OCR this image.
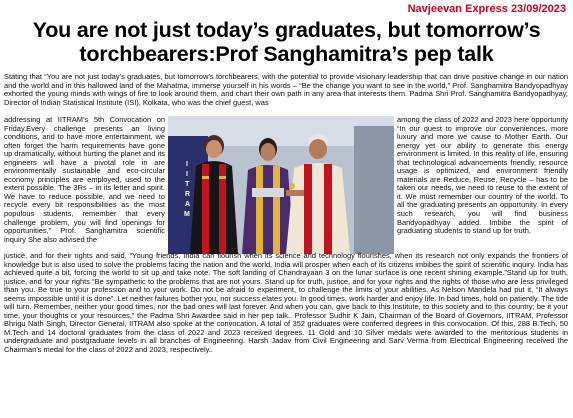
Navjeevan Express 23/09/2023
You are not just today’s graduates, but tomorrow’s
torchbearers:Prof Sanghamitra’s pep talk
Stating that “You are not just today’s graduates, but tomorrow’s torchbearers, with the potential to provide visionary leadership that can drive positive change in our nation and the world and in this hallowed land of the Mahatma, immerse yourself in his words – “Be the change you want to see in the world,” Prof. Sanghamitra Bandyopadhyay exhorted the young minds with wings of fire to look around them, and chart their own path in any area that interests them. Padma Shri Prof. Sanghamitra Bandyopadhyay, Director of Indian Statistical Institute (ISI), Kolkata, who was the chief guest, was
addressing at IITRAM’s 5th Convocation on Friday.Every challenge presents an living conditions, and to have more entertainment, we often forget the harm requirements have gone up dramatically, without hurting the planet and its engineers will have a pivotal role in are environmentally sustainable and eco-circular economy principles are employed, used to the extent possible. The 3Rs – in its letter and spirit. We have to reduce possible, and we need to recycle every bit responsibilities as the most populous students, remember that every challenge problem, you will find openings for opportunities,” Prof. Sanghamitra scientific inquiry She also advised the
I
I
T
R
A
M
among the class of 2022 and 2023 here opportunity “In our quest to improve our conveniences, more luxury and more we cause to Mother Earth. Our energy yet our ability to generate this energy environment is limited. In this reality of life, ensuring that technological advancements friendly, resource usage is optimized, and environment friendly materials are Reduce, Reuse, Recycle – has to be taken our needs, we need to reuse to the extent of it. We must remember our country of the world. To all the graduating presents an opportunity. In every such research, you will find business Bandyopadhyay added. Imbibe the spirit of graduating students to stand up for truth,
justice, and for their rights and said, “Young friends, India can flourish when its science and technology flourishes, when its research not only expands the frontiers of knowledge but is also used to solve the problems facing the nation and the world. India will prosper when each of its citizens imbibes the spirit of scientific inquiry. India has achieved quite a bit, forcing the world to sit up and take note. The soft landing of Chandrayaan 3 on the lunar surface is one recent shining example.”Stand up for truth, justice, and for your rights “Be sympathetic to the problems that are not yours. Stand up for truth, justice, and for your rights and the rights of those who are less privileged than you. Be true to your profession and to your work. Do not be afraid to experiment, to challenge the limits of your abilities. As Nelson Mandela had put it, “It always seems impossible until it is done”. Let neither failures bother you, nor success elates you. In good times, work harder and enjoy life. In bad times, hold on patiently. The tide will turn. Remember, neither your good times, nor the bad ones will last forever. And when you can, give back to this Institute, to this society and to this country; be it your time, your thoughts or your resources,” the Padma Shri Awardee said in her pep talk.. Professor Sudhir K Jain, Chairman of the Board of Governors, IITRAM, Professor Bhrigu Nath Singh, Director General, IITRAM also spoke at the convocation. A total of 352 graduates were conferred degrees in this convocation. Of this, 288 B.Tech, 50 M.Tech and 14 doctoral graduates from the class of 2022 and 2023 received degrees. 11 Gold and 10 Silver medals were awarded to the meritorious students in undergraduate and postgraduate levels in all branches of Engineering. Harsh Jadav from Civil Engineering and Sarv Verma from Electrical Engineering received the Chairman’s medal for the class of 2022 and 2023, respectively..
